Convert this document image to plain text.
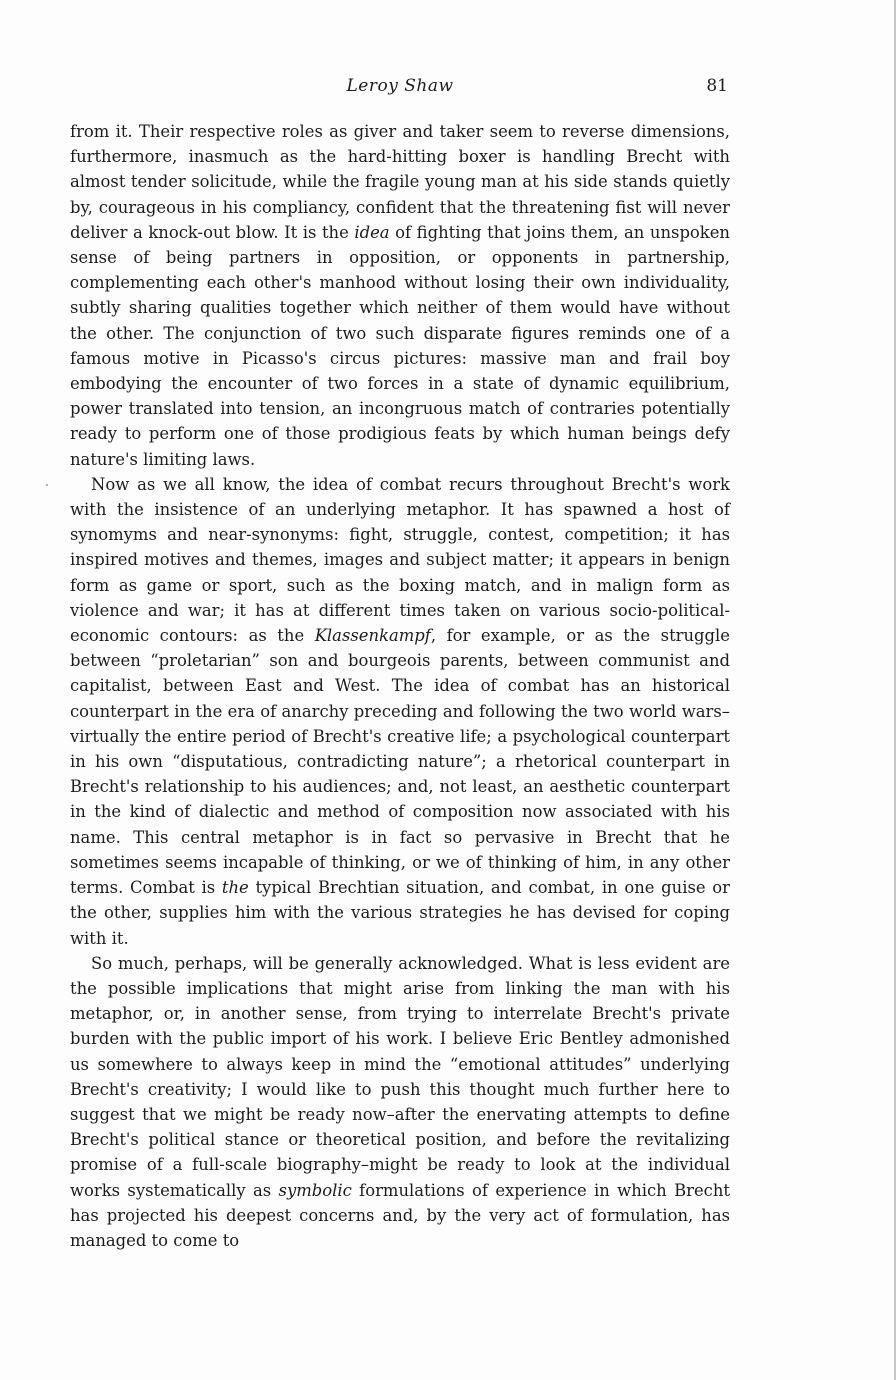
Leroy Shaw	81

from it. Their respective roles as giver and taker seem to reverse dimensions, furthermore, inasmuch as the hard-hitting boxer is handling Brecht with almost tender solicitude, while the fragile young man at his side stands quietly by, courageous in his compliancy, confident that the threatening fist will never deliver a knock-out blow. It is the idea of fighting that joins them, an unspoken sense of being partners in opposition, or opponents in partnership, complementing each other's manhood without losing their own individuality, subtly sharing qualities together which neither of them would have without the other. The conjunction of two such disparate figures reminds one of a famous motive in Picasso's circus pictures: massive man and frail boy embodying the encounter of two forces in a state of dynamic equilibrium, power translated into tension, an incongruous match of contraries potentially ready to perform one of those prodigious feats by which human beings defy nature's limiting laws.

Now as we all know, the idea of combat recurs throughout Brecht's work with the insistence of an underlying metaphor. It has spawned a host of synomyms and near-synonyms: fight, struggle, contest, competition; it has inspired motives and themes, images and subject matter; it appears in benign form as game or sport, such as the boxing match, and in malign form as violence and war; it has at different times taken on various socio-political-economic contours: as the Klassenkampf, for example, or as the struggle between “proletarian” son and bourgeois parents, between communist and capitalist, between East and West. The idea of combat has an historical counterpart in the era of anarchy preceding and following the two world wars–virtually the entire period of Brecht's creative life; a psychological counterpart in his own “disputatious, contradicting nature”; a rhetorical counterpart in Brecht's relationship to his audiences; and, not least, an aesthetic counterpart in the kind of dialectic and method of composition now associated with his name. This central metaphor is in fact so pervasive in Brecht that he sometimes seems incapable of thinking, or we of thinking of him, in any other terms. Combat is the typical Brechtian situation, and combat, in one guise or the other, supplies him with the various strategies he has devised for coping with it.

So much, perhaps, will be generally acknowledged. What is less evident are the possible implications that might arise from linking the man with his metaphor, or, in another sense, from trying to interrelate Brecht's private burden with the public import of his work. I believe Eric Bentley admonished us somewhere to always keep in mind the “emotional attitudes” underlying Brecht's creativity; I would like to push this thought much further here to suggest that we might be ready now–after the enervating attempts to define Brecht's political stance or theoretical position, and before the revitalizing promise of a full-scale biography–might be ready to look at the individual works systematically as symbolic formulations of experience in which Brecht has projected his deepest concerns and, by the very act of formulation, has managed to come to
